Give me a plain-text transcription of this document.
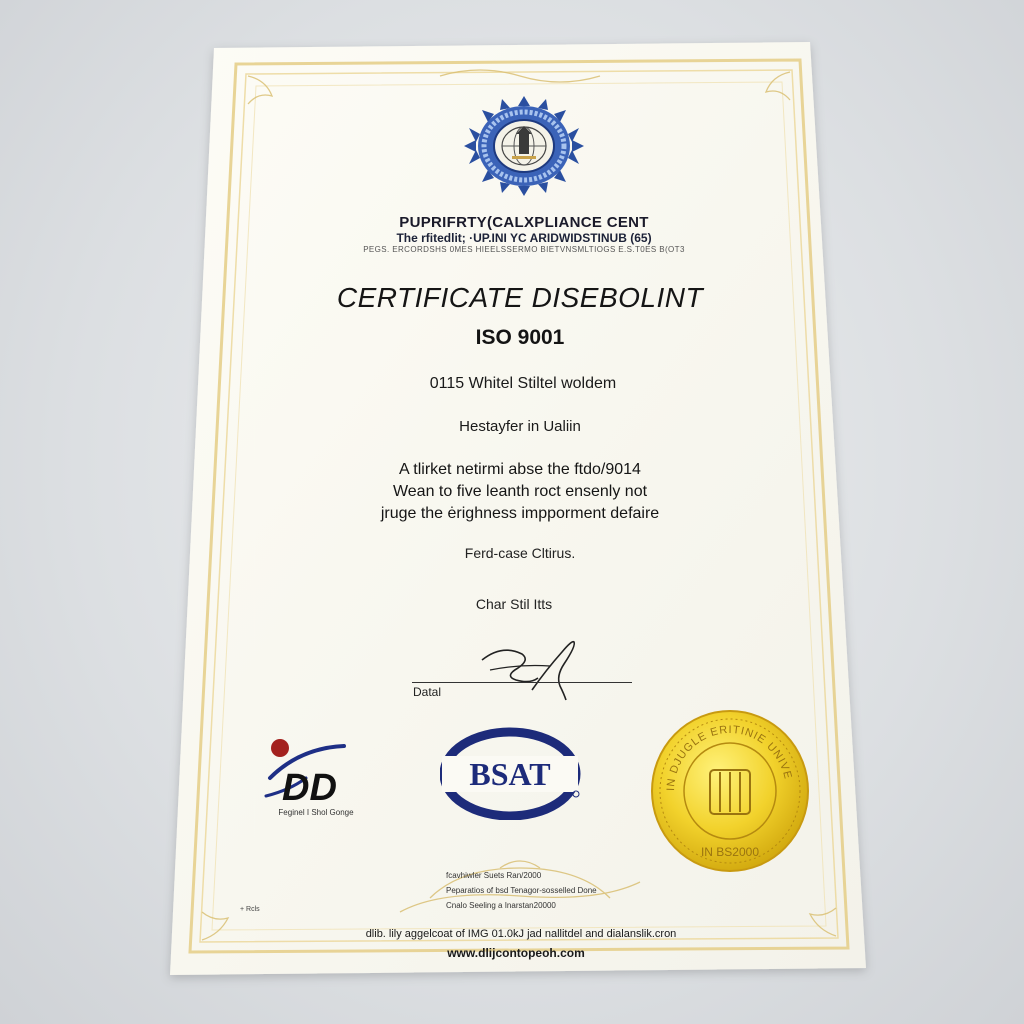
PUPRIFRTY(CALΧPLIANCE CENT
The rfitedlit; ·UP.INI YC ARIDWIDSTINUB (65)
PEGS. ERCORDSHS 0MES HIEELSSERMO BIETVNSMLTIOGS E.S.T0ES B(OT3
CERTIFICATE DISEBOLINT
ISO 9001
0115 Whitel Stiltel woldem
Hestayfer in Ualiin
A tlirket netirmi abse the ftdo/9014
Wean to five leanth roct ensenly not
jruge the ėrighness impporment defaire
Ferd-case Cltirus.
Char Stil Itts
Datal
DD
Feginel I Shol Gonge
BSAT	IN DJUGLE ERITINIE UNIVE
IN BS2000
fcavhiwler Suets Ran/2000
Peparatios of bsd Tenagor-sosselled Done
Cnalo Seeling a Inarstan20000
+ Rcls
dlib. lily aggelcoat of IMG 01.0kJ jad nallitdel and dialanslik.cron
www.dlijcontopeoh.com
